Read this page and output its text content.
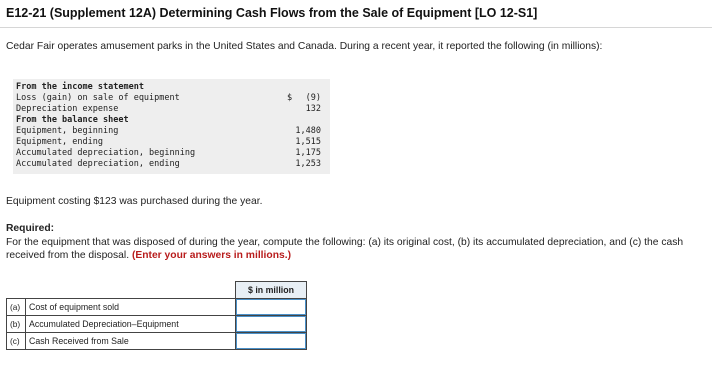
E12-21 (Supplement 12A) Determining Cash Flows from the Sale of Equipment [LO 12-S1]
Cedar Fair operates amusement parks in the United States and Canada. During a recent year, it reported the following (in millions):
From the income statement
Loss (gain) on sale of equipment	$ (9)
Depreciation expense	132
From the balance sheet
Equipment, beginning	1,480
Equipment, ending	1,515
Accumulated depreciation, beginning	1,175
Accumulated depreciation, ending	1,253
Equipment costing $123 was purchased during the year.
Required:
For the equipment that was disposed of during the year, compute the following: (a) its original cost, (b) its accumulated depreciation, and (c) the cash received from the disposal. (Enter your answers in millions.)
		$ in million
(a)	Cost of equipment sold	
(b)	Accumulated Depreciation–Equipment	
(c)	Cash Received from Sale	
